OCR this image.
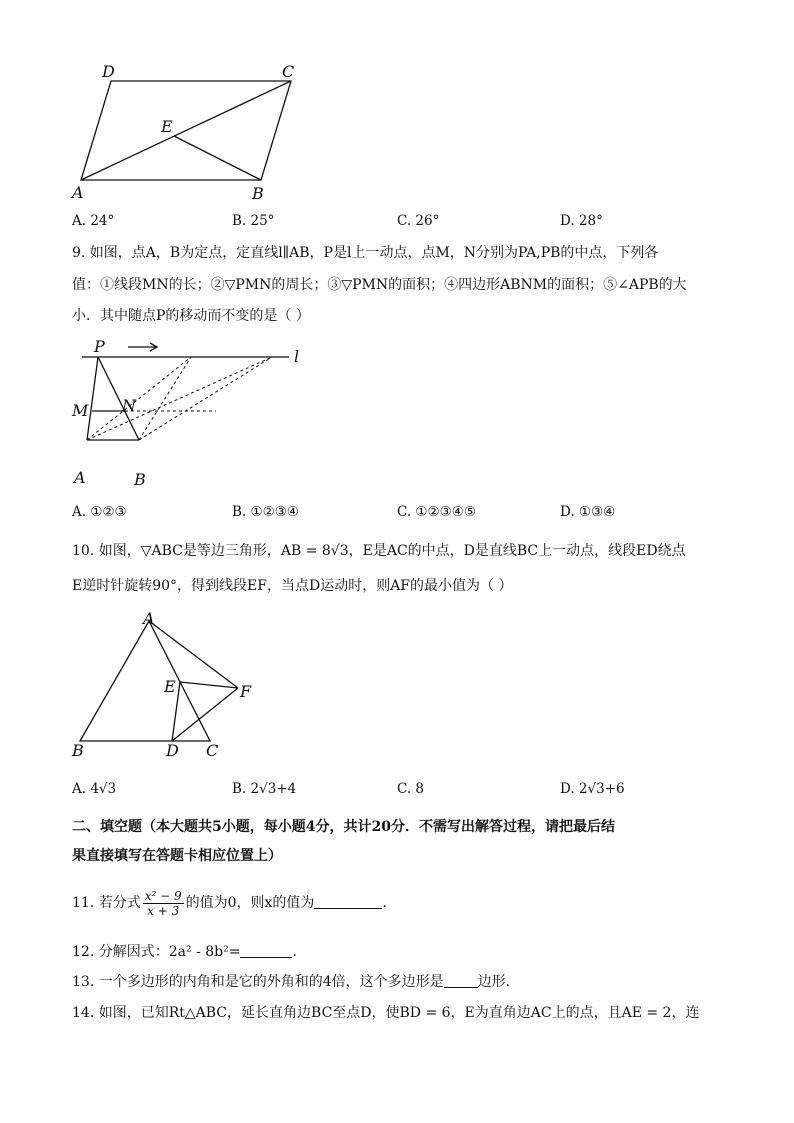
D	C
E
A	B
A. 24°	B. 25°	C. 26°	D. 28°
9. 如图，点A，B为定点，定直线l∥AB，P是l上一动点，点M，N分别为PA,PB的中点，下列各
值：①线段MN的长；②▽PMN的周长；③▽PMN的面积；④四边形ABNM的面积；⑤∠APB的大
小．其中随点P的移动而不变的是（ ）
P
l
M N
A	B
A. ①②③	B. ①②③④	C. ①②③④⑤	D. ①③④
10. 如图，▽ABC是等边三角形，AB = 8√3，E是AC的中点，D是直线BC上一动点，线段ED绕点
E逆时针旋转90°，得到线段EF，当点D运动时，则AF的最小值为（ ）
A
E	F
B	D C
A. 4√3	B. 2√3+4	C. 8	D. 2√3+6
二、填空题（本大题共5小题，每小题4分，共计20分．不需写出解答过程，请把最后结
果直接填写在答题卡相应位置上）
11. 若分式 $\frac{\text{x² − 9}}{x + 3}$ 的值为0，则x的值为	．
12. 分解因式：2a² - 8b²=	．
13. 一个多边形的内角和是它的外角和的4倍，这个多边形是 边形．
14. 如图，已知Rt△ABC，延长直角边BC至点D，使BD = 6，E为直角边AC上的点，且AE = 2，连
